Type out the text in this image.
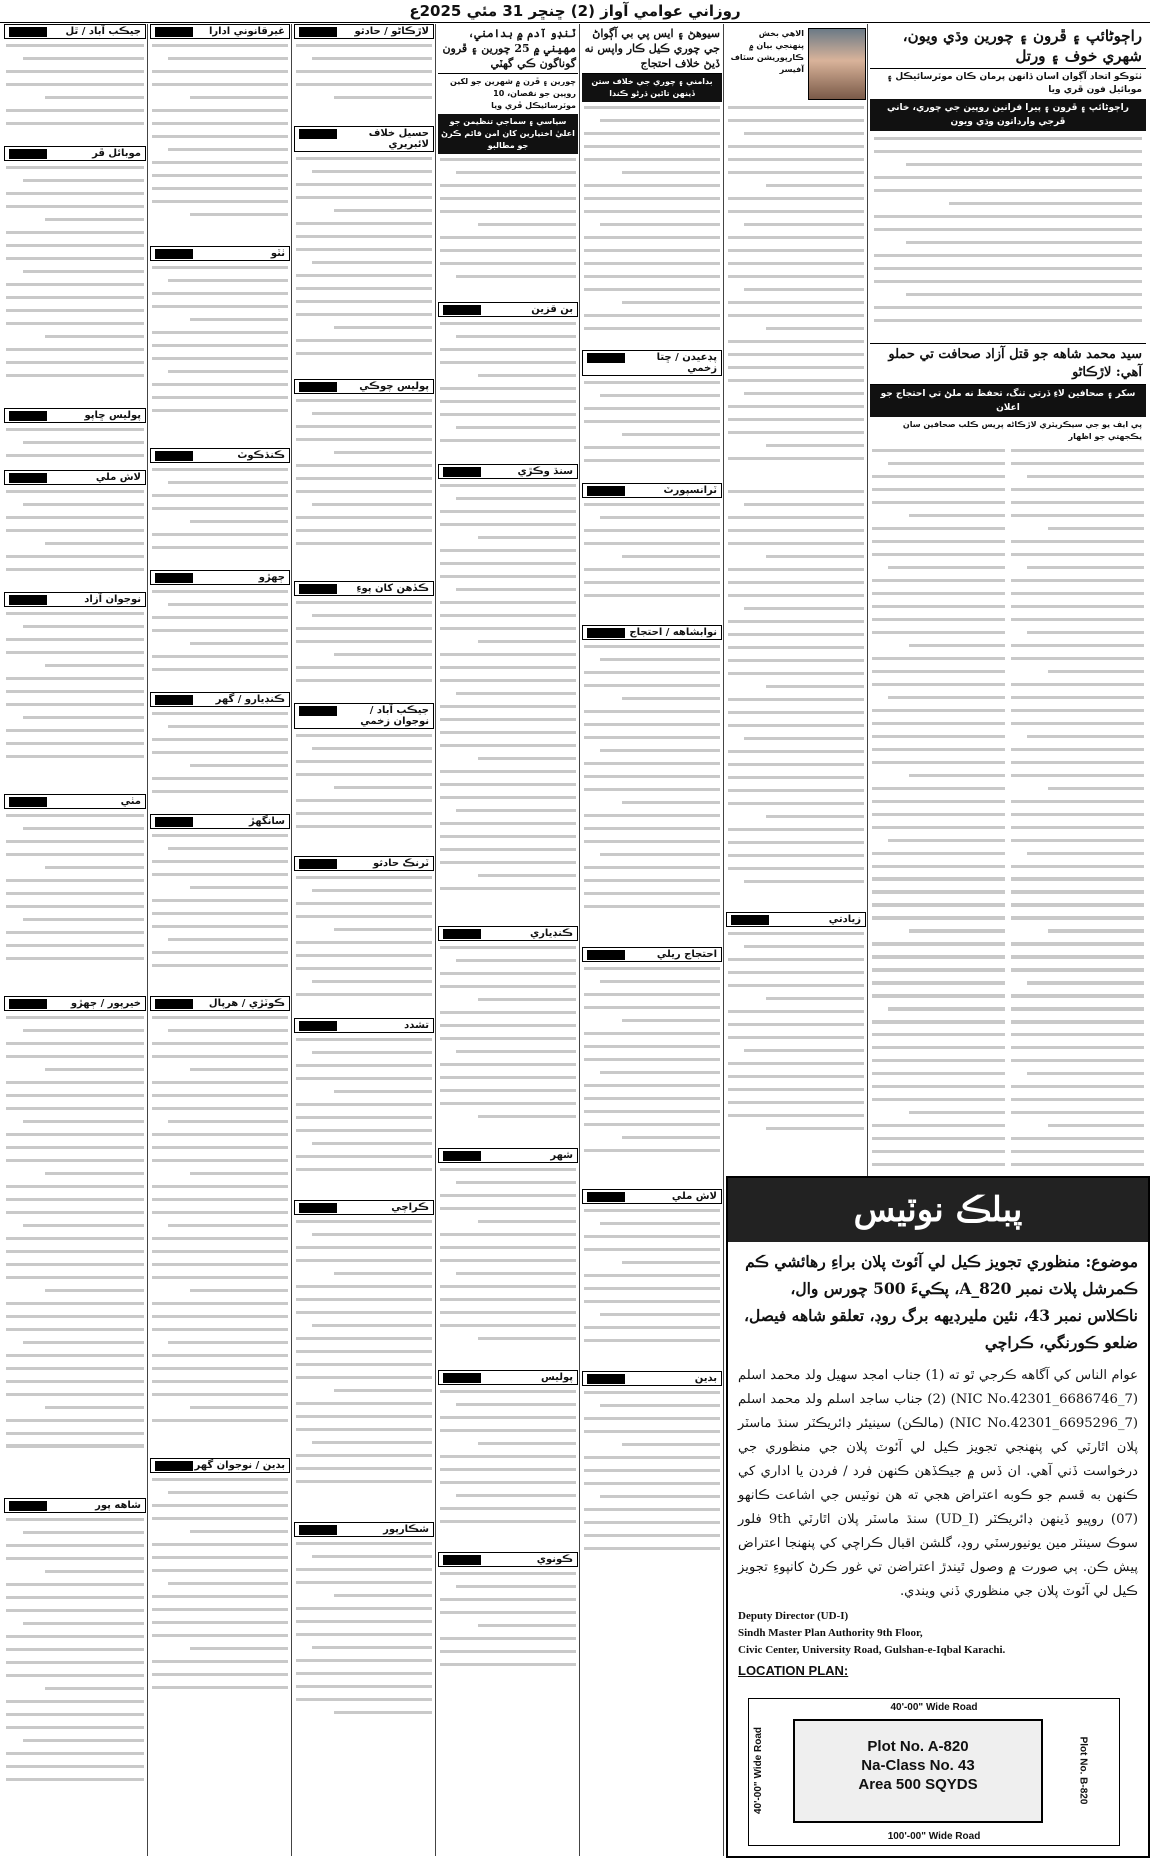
روزاني عوامي آواز (2) ڇنڇر 31 مئي 2025ع
راڄوڻائپ ۽ ڦرون ۽ چورين وڌي ويون، شهري خوف ۽ ورتل
ٺٽوڪو اتحاد آڳوان اسان ڏانهن پرمان ڪان موٽرسائيڪل ۽ موبائيل فون ڦري ويا
راڄوڻائپ ۽ ڦرون ۽ پيرا فرانين روپين جي چوري، خاني ڦرجي وارداتون وڌي ويون
سيد محمد شاهه جو قتل آزاد صحافت تي حملو آهي: لاڙڪاڻو
سکر ۽ صحافين لاءِ ڏرتي تنگ، تحفظ نه ملڻ تي احتجاج جو اعلان
پي ايف يو جي سيڪريٽري لاڙڪاڻه پريس ڪلب صحافين سان يڪجهتي جو اظهار
الاهي بخش پنهنجي بيان ۾ ڪارپوريشن سٽاف آفيسر
زيادتي
سيوهڻ ۽ ايس پي بي آڳواڻ جي چوري ڪيل ڪار واپس نه ڏيڻ خلاف احتجاج
بدامني ۽ چوري جي خلاف ستن ڏينهن تائين ڌرڻو ڪندا
پڊعيدن / ڇتا زخمي
ٽرانسپورٽ
نوابشاهه / احتجاج
احتجاج ريلي
لاش ملي
بدين
ٽنڊو آدم ۾ بدامني، مهيني ۾ 25 چورين ۽ ڦرون گوناگون ڪي گهٽي
چورين ۽ ڦرن ۾ شهرين جو لکين روپين جو نقصان، 10 موٽرسائيڪل ڦري ويا
سياسي ۽ سماجي تنظيمن جو اعليٰ اختيارين کان امن قائم ڪرڻ جو مطالبو
بن قزين
سنڌ وڪڙي
ڪنڊياري
شهر
پوليس
ڪونوي
لاڙڪاڻو / حادثو
حسيل خلاف لائبريري
پوليس چوڪي
ڪڏهن کان پوءِ
جيڪب آباد / نوجوان زخمي
ٽرنڪ حادثو
تشدد
ڪراچي
شڪارپور
غيرقانوني ادارا
ٺٽو
ڪنڌڪوٽ
ڄهڙو
ڪنڊيارو / گهر
سانگهڙ
ڪوٽڙي / هرپال
بدين / نوجوان گهر
جيڪب آباد / ٿل
موبائل ڦر
پوليس ڇاپو
لاش ملي
نوجوان آزاد
مٺي
خيرپور / ڄهڙو
شاهه پور
پبلڪ نوٽيس
موضوع: منظوري تجويز ڪيل لي آئوٽ پلان براءِ رهائشي ڪم ڪمرشل پلاٽ نمبر A_820، پڪيءَ 500 چورس وال، ناڪلاس نمبر 43، نئين مليرڊيهه برگ روڊ، تعلقو شاهه فيصل، ضلعو ڪورنگي، ڪراچي
عوام الناس کي آگاهه ڪرجي ٿو ته (1) جناب امجد سهيل ولد محمد اسلم (NIC No.42301_6686746_7) (2) جناب ساجد اسلم ولد محمد اسلم (NIC No.42301_6695296_7) (مالڪن) سينيئر ڊائريڪٽر سنڌ ماسٽر پلان اٿارٽي کي پنهنجي تجويز ڪيل لي آئوٽ پلان جي منظوري جي درخواست ڏني آهي. ان ڏس ۾ جيڪڏهن ڪنهن فرد / فردن يا اداري کي ڪنهن به قسم جو ڪوبه اعتراض هجي ته هن نوٽيس جي اشاعت ڪانهو (07) روپيو ڏينهن ڊائريڪٽر (UD_I) سنڌ ماسٽر پلان اٿارٽي 9th فلور سوڪ سينٽر مين يونيورسٽي روڊ، گلشن اقبال ڪراچي کي پنهنجا اعتراض پيش ڪن. ٻي صورت ۾ وصول ٿيندڙ اعتراضن تي غور ڪرڻ کانپوءِ تجويز ڪيل لي آئوٽ پلان جي منظوري ڏني ويندي.
Deputy Director (UD-I)
Sindh Master Plan Authority 9th Floor,
Civic Center, University Road, Gulshan-e-Iqbal Karachi.
LOCATION PLAN:
40'-00" Wide Road
100'-00" Wide Road
40'-00" Wide Road	Plot No. A-820
Na-Class No. 43
Area 500 SQYDS	Plot No. B-820
